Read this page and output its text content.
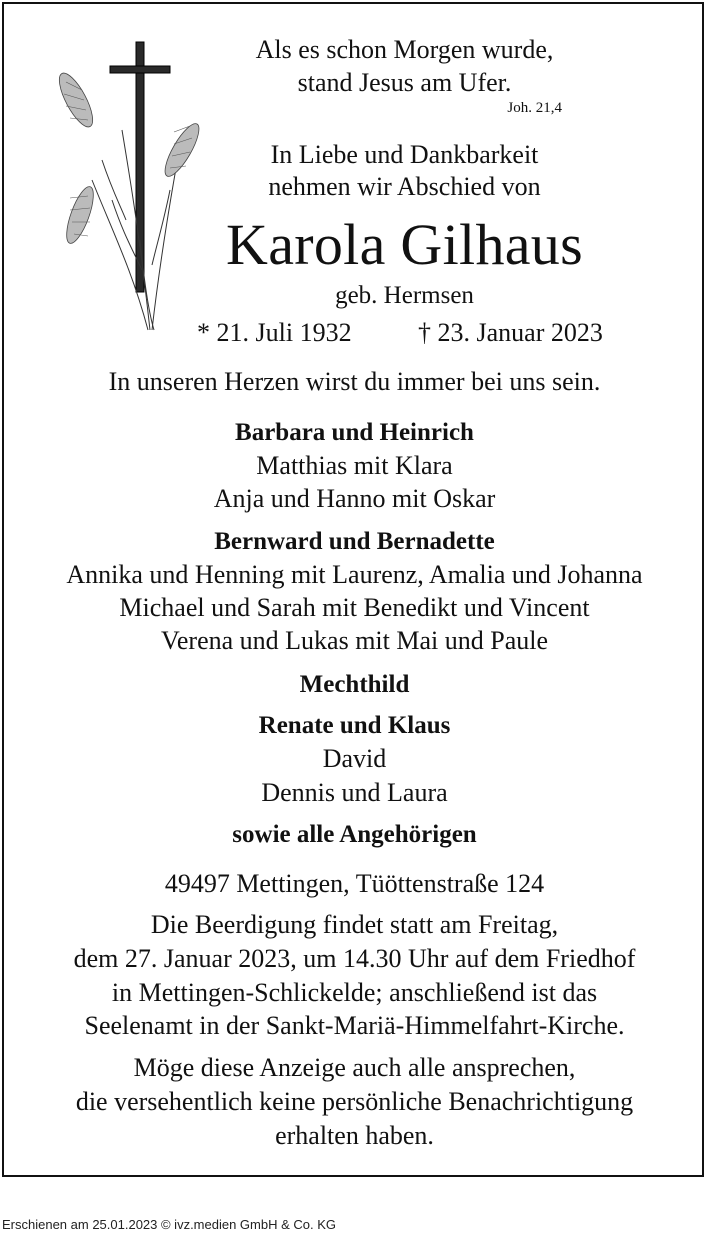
Als es schon Morgen wurde,
stand Jesus am Ufer.
Joh. 21,4
In Liebe und Dankbarkeit
nehmen wir Abschied von
Karola Gilhaus
geb. Hermsen
* 21. Juli 1932	† 23. Januar 2023
In unseren Herzen wirst du immer bei uns sein.
Barbara und Heinrich
Matthias mit Klara
Anja und Hanno mit Oskar
Bernward und Bernadette
Annika und Henning mit Laurenz, Amalia und Johanna
Michael und Sarah mit Benedikt und Vincent
Verena und Lukas mit Mai und Paule
Mechthild
Renate und Klaus
David
Dennis und Laura
sowie alle Angehörigen
49497 Mettingen, Tüöttenstraße 124
Die Beerdigung findet statt am Freitag,
dem 27. Januar 2023, um 14.30 Uhr auf dem Friedhof
in Mettingen-Schlickelde; anschließend ist das
Seelenamt in der Sankt-Mariä-Himmelfahrt-Kirche.
Möge diese Anzeige auch alle ansprechen,
die versehentlich keine persönliche Benachrichtigung
erhalten haben.
Erschienen am 25.01.2023 © ivz.medien GmbH & Co. KG
